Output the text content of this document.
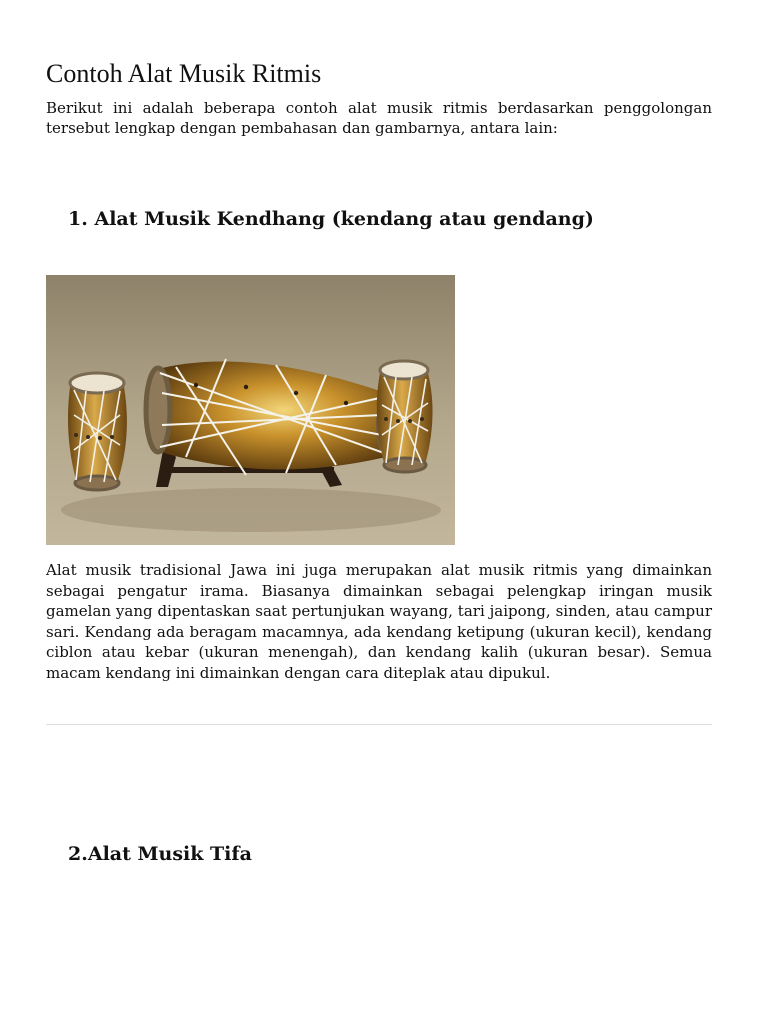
Contoh Alat Musik Ritmis

Berikut ini adalah beberapa contoh alat musik ritmis berdasarkan penggolongan tersebut lengkap dengan pembahasan dan gambarnya, antara lain:

1. Alat Musik Kendhang (kendang atau gendang)

Alat musik tradisional Jawa ini juga merupakan alat musik ritmis yang dimainkan sebagai pengatur irama. Biasanya dimainkan sebagai pelengkap iringan musik gamelan yang dipentaskan saat pertunjukan wayang, tari jaipong, sinden, atau campur sari. Kendang ada beragam macamnya, ada kendang ketipung (ukuran kecil), kendang ciblon atau kebar (ukuran menengah), dan kendang kalih (ukuran besar). Semua macam kendang ini dimainkan dengan cara diteplak atau dipukul.

2.Alat Musik Tifa
